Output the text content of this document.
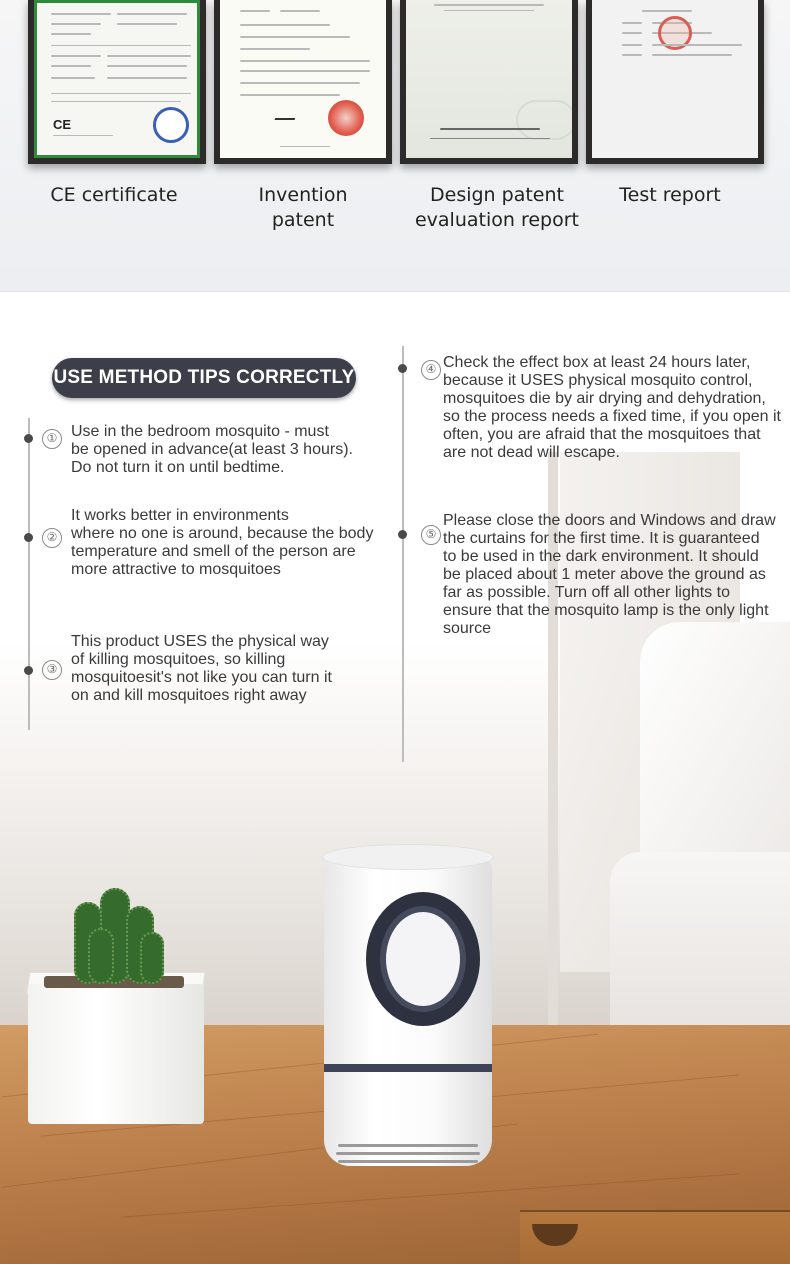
CE
CE certificate	Invention
patent
Design patent
evaluation report
Test report
USE METHOD TIPS CORRECTLY
① Use in the bedroom mosquito - must
be opened in advance(at least 3 hours).
Do not turn it on until bedtime.
②
It works better in environments
where no one is around, because the body
temperature and smell of the person are
more attractive to mosquitoes
③
This product USES the physical way
of killing mosquitoes, so killing
mosquitoesit's not like you can turn it
on and kill mosquitoes right away
④ Check the effect box at least 24 hours later,
because it USES physical mosquito control,
mosquitoes die by air drying and dehydration,
so the process needs a fixed time, if you open it
often, you are afraid that the mosquitoes that
are not dead will escape.
⑤
Please close the doors and Windows and draw
the curtains for the first time. It is guaranteed
to be used in the dark environment. It should
be placed about 1 meter above the ground as
far as possible. Turn off all other lights to
ensure that the mosquito lamp is the only light
source
